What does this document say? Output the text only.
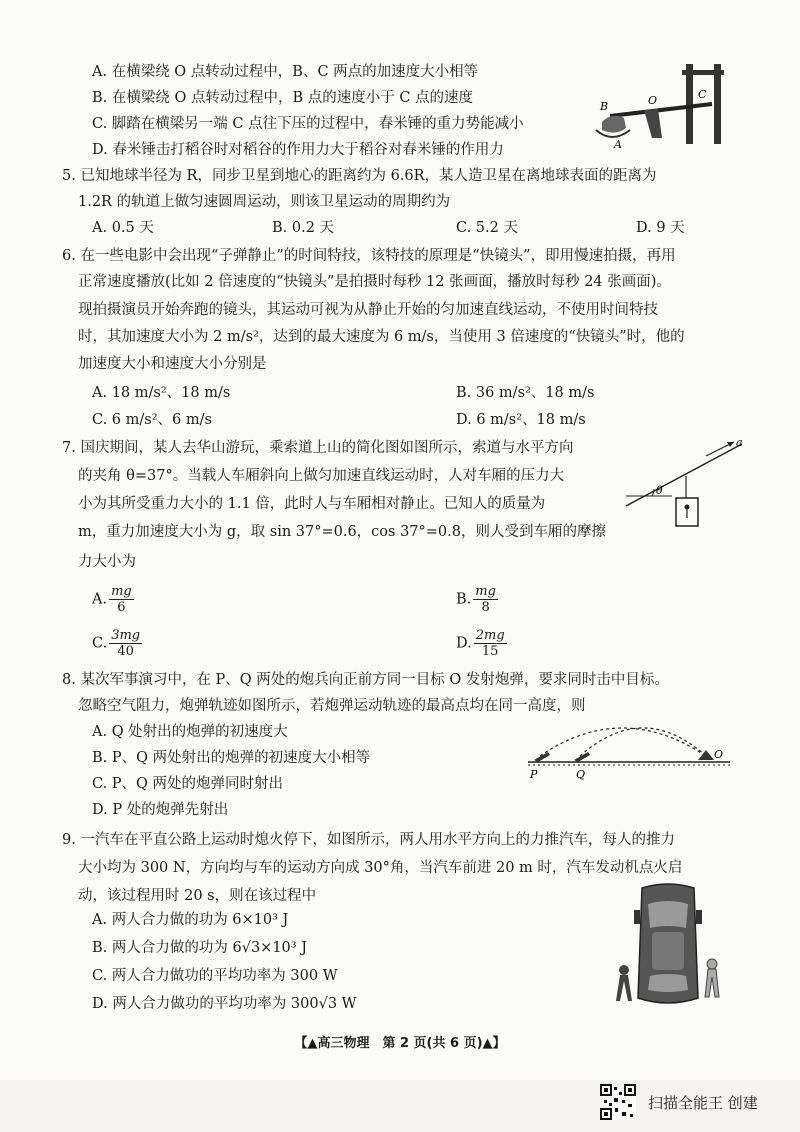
A. 在横梁绕 O 点转动过程中，B、C 两点的加速度大小相等
B. 在横梁绕 O 点转动过程中，B 点的速度小于 C 点的速度
C. 脚踏在横梁另一端 C 点往下压的过程中，春米锤的重力势能减小
D. 春米锤击打稻谷时对稻谷的作用力大于稻谷对春米锤的作用力
B	O	C
A
5. 已知地球半径为 R，同步卫星到地心的距离约为 6.6R，某人造卫星在离地球表面的距离为
1.2R 的轨道上做匀速圆周运动，则该卫星运动的周期约为
A. 0.5 天	B. 0.2 天	C. 5.2 天	D. 9 天
6. 在一些电影中会出现“子弹静止”的时间特技，该特技的原理是“快镜头”，即用慢速拍摄，再用
正常速度播放(比如 2 倍速度的“快镜头”是拍摄时每秒 12 张画面，播放时每秒 24 张画面)。
现拍摄演员开始奔跑的镜头，其运动可视为从静止开始的匀加速直线运动，不使用时间特技
时，其加速度大小为 2 m/s²，达到的最大速度为 6 m/s，当使用 3 倍速度的“快镜头”时，他的
加速度大小和速度大小分别是
A. 18 m/s²、18 m/s	B. 36 m/s²、18 m/s
C. 6 m/s²、6 m/s	D. 6 m/s²、18 m/s
7. 国庆期间，某人去华山游玩，乘索道上山的简化图如图所示，索道与水平方向
的夹角 θ=37°。当载人车厢斜向上做匀加速直线运动时，人对车厢的压力大
小为其所受重力大小的 1.1 倍，此时人与车厢相对静止。已知人的质量为
m，重力加速度大小为 g，取 sin 37°=0.6，cos 37°=0.8，则人受到车厢的摩擦
力大小为
θ
a
A. $\frac{mg}{6}$	B. $\frac{mg}{8}$
C. $\frac{3mg}{40}$	D. $\frac{2mg}{15}$
8. 某次军事演习中，在 P、Q 两处的炮兵向正前方同一目标 O 发射炮弹，要求同时击中目标。
忽略空气阻力，炮弹轨迹如图所示，若炮弹运动轨迹的最高点均在同一高度，则
A. Q 处射出的炮弹的初速度大
B. P、Q 两处射出的炮弹的初速度大小相等
C. P、Q 两处的炮弹同时射出
D. P 处的炮弹先射出
P	Q
O
9. 一汽车在平直公路上运动时熄火停下，如图所示，两人用水平方向上的力推汽车，每人的推力
大小均为 300 N，方向均与车的运动方向成 30°角，当汽车前进 20 m 时，汽车发动机点火启
动，该过程用时 20 s，则在该过程中
A. 两人合力做的功为 6×10³ J
B. 两人合力做的功为 6√3×10³ J
C. 两人合力做功的平均功率为 300 W
D. 两人合力做功的平均功率为 300√3 W
【▲高三物理　第 2 页(共 6 页)▲】
扫描全能王 创建
